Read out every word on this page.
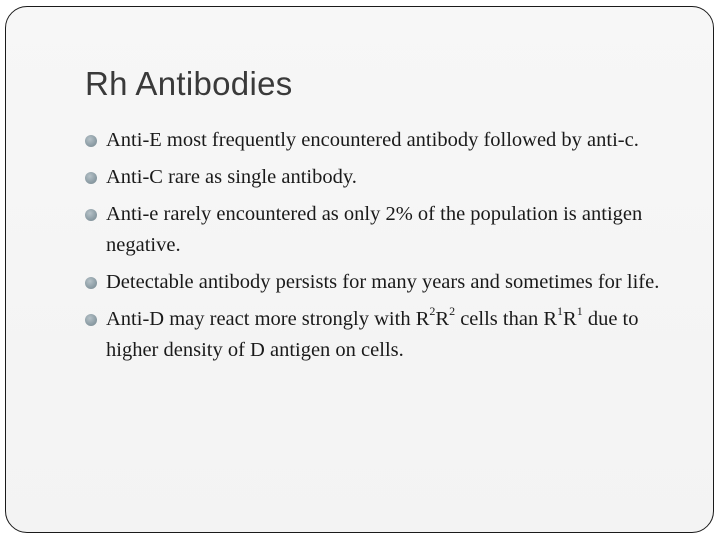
Rh Antibodies
Anti-E most frequently encountered antibody followed by anti-c.
Anti-C rare as single antibody.
Anti-e rarely encountered as only 2% of the population is antigen negative.
Detectable antibody persists for many years and sometimes for life.
Anti-D may react more strongly with $R^2R^2$ cells than $R^1R^1$ due to higher density of D antigen on cells.
